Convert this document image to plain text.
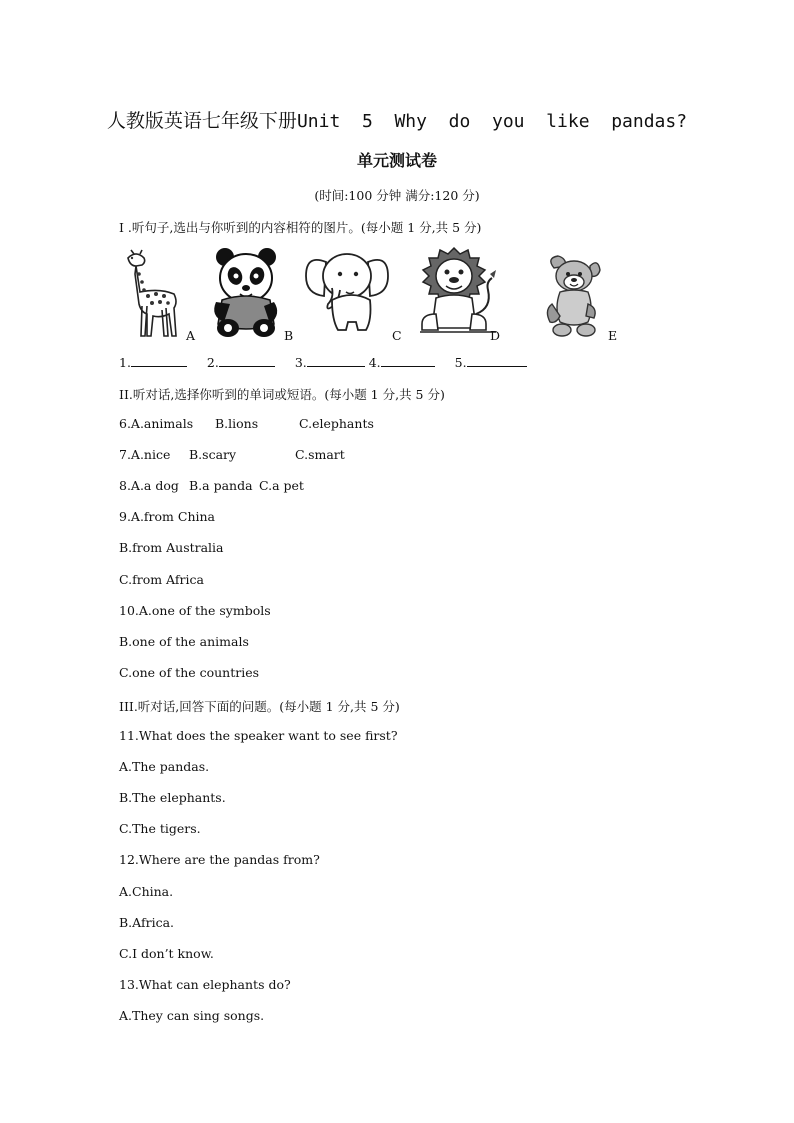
人教版英语七年级下册Unit  5  Why  do  you  like  pandas?
单元测试卷
(时间:100 分钟 满分:120 分)
I .听句子,选出与你听到的内容相符的图片。(每小题 1 分,共 5 分)
A	B	C	D	E
1.	2.	3.	4.	5.
II.听对话,选择你听到的单词或短语。(每小题 1 分,共 5 分)
6.A.animals B.lions	C.elephants
7.A.nice B.scary	C.smart
8.A.a dog B.a panda C.a pet
9.A.from China
B.from Australia
C.from Africa
10.A.one of the symbols
B.one of the animals
C.one of the countries
III.听对话,回答下面的问题。(每小题 1 分,共 5 分)
11.What does the speaker want to see first?
A.The pandas.
B.The elephants.
C.The tigers.
12.Where are the pandas from?
A.China.
B.Africa.
C.I don’t know.
13.What can elephants do?
A.They can sing songs.
